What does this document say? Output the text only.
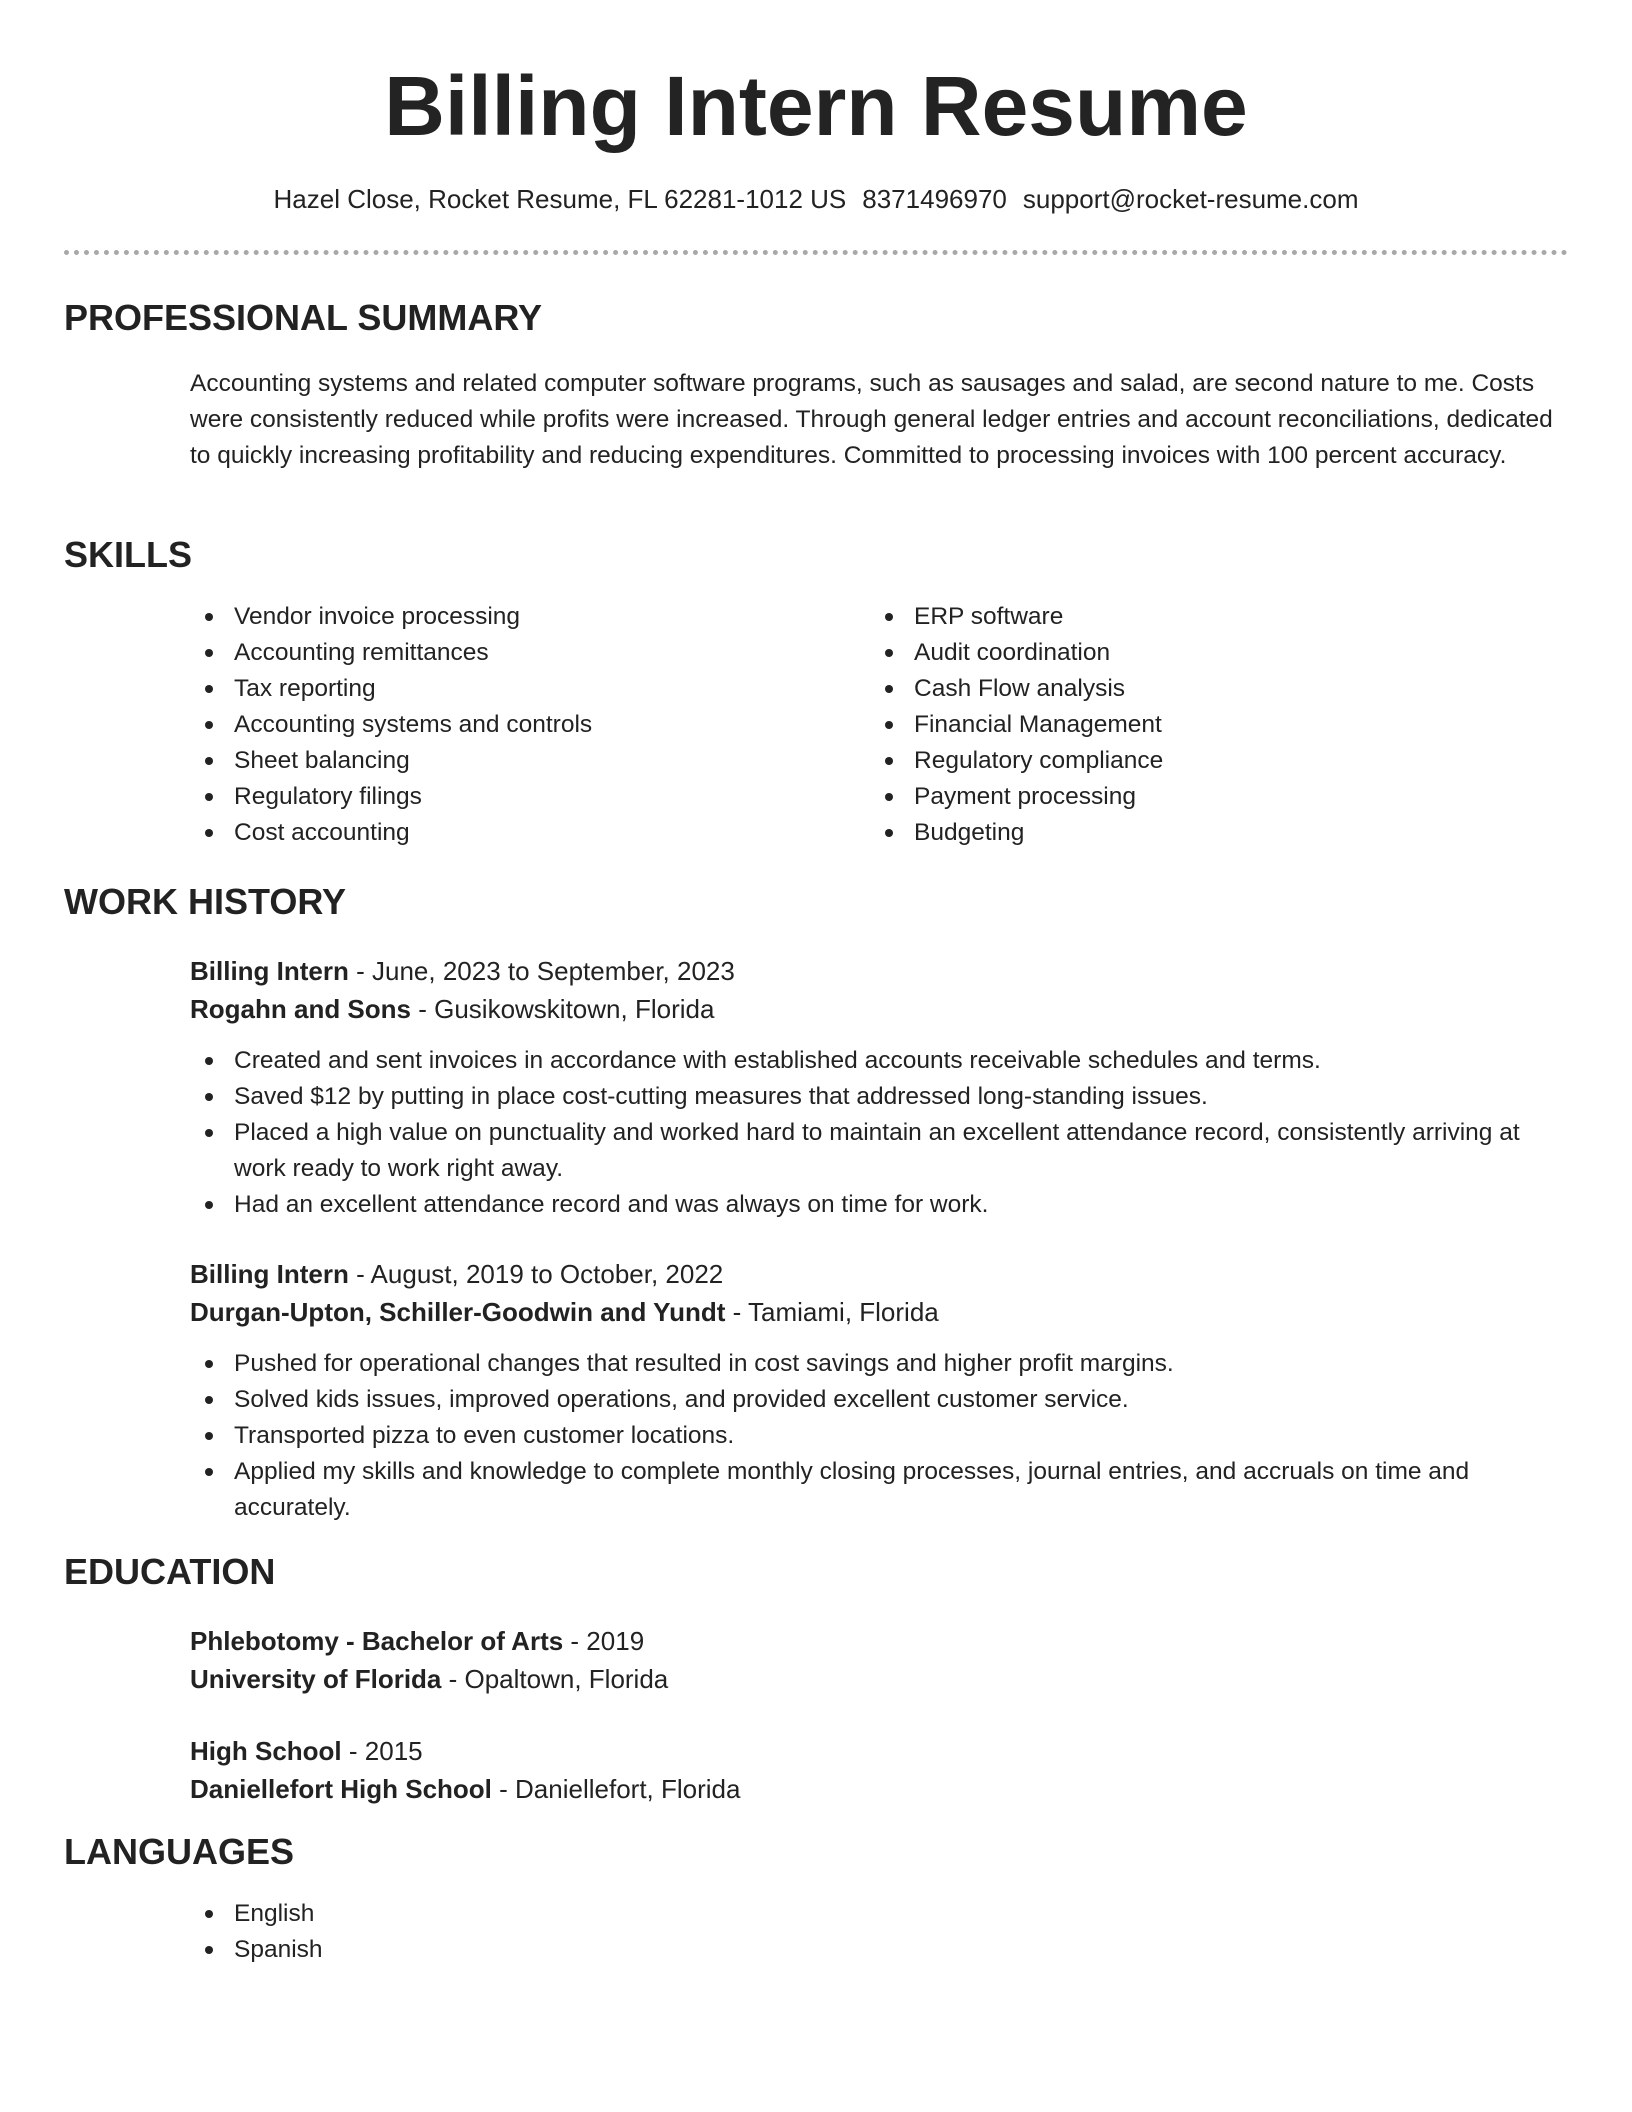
Billing Intern Resume
Hazel Close, Rocket Resume, FL 62281-1012 US 8371496970 support@rocket-resume.com
PROFESSIONAL SUMMARY

Accounting systems and related computer software programs, such as sausages and salad, are second nature to me. Costs were consistently reduced while profits were increased. Through general ledger entries and account reconciliations, dedicated to quickly increasing profitability and reducing expenditures. Committed to processing invoices with 100 percent accuracy.

SKILLS
Vendor invoice processing
Accounting remittances
Tax reporting
Accounting systems and controls
Sheet balancing
Regulatory filings
Cost accounting
ERP software
Audit coordination
Cash Flow analysis
Financial Management
Regulatory compliance
Payment processing
Budgeting
WORK HISTORY
Billing Intern - June, 2023 to September, 2023
Rogahn and Sons - Gusikowskitown, Florida
Created and sent invoices in accordance with established accounts receivable schedules and terms.
Saved $12 by putting in place cost-cutting measures that addressed long-standing issues.
Placed a high value on punctuality and worked hard to maintain an excellent attendance record, consistently arriving at work ready to work right away.
Had an excellent attendance record and was always on time for work.
Billing Intern - August, 2019 to October, 2022
Durgan-Upton, Schiller-Goodwin and Yundt - Tamiami, Florida
Pushed for operational changes that resulted in cost savings and higher profit margins.
Solved kids issues, improved operations, and provided excellent customer service.
Transported pizza to even customer locations.
Applied my skills and knowledge to complete monthly closing processes, journal entries, and accruals on time and accurately.
EDUCATION
Phlebotomy - Bachelor of Arts - 2019
University of Florida - Opaltown, Florida
High School - 2015
Daniellefort High School - Daniellefort, Florida
LANGUAGES
English
Spanish
